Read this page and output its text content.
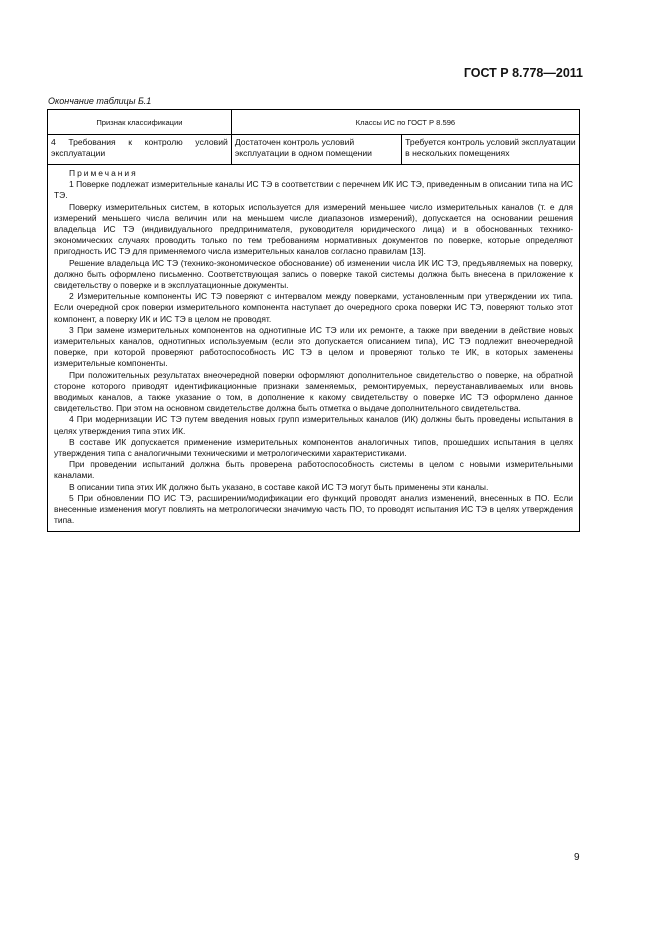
ГОСТ Р 8.778—2011
Окончание таблицы Б.1
Признак классификации	Классы ИС по ГОСТ Р 8.596	
4 Требования к контролю условий эксплуатации	Достаточен контроль условий эксплуатации в одном помещении	Требуется контроль условий эксплуатации в нескольких помещениях

Примечания

1 Поверке подлежат измерительные каналы ИС ТЭ в соответствии с перечнем ИК ИС ТЭ, приведенным в описании типа на ИС ТЭ.

Поверку измерительных систем, в которых используется для измерений меньшее число измерительных каналов (т. е для измерений меньшего числа величин или на меньшем числе диапазонов измерений), допускается на основании решения владельца ИС ТЭ (индивидуального предпринимателя, руководителя юридического лица) и в обоснованных технико-экономических случаях проводить только по тем требованиям нормативных документов по поверке, которые определяют пригодность ИС ТЭ для применяемого числа измерительных каналов согласно правилам [13].

Решение владельца ИС ТЭ (технико-экономическое обоснование) об изменении числа ИК ИС ТЭ, предъявляемых на поверку, должно быть оформлено письменно. Соответствующая запись о поверке такой системы должна быть внесена в приложение к свидетельству о поверке и в эксплуатационные документы.

2 Измерительные компоненты ИС ТЭ поверяют с интервалом между поверками, установленным при утверждении их типа. Если очередной срок поверки измерительного компонента наступает до очередного срока поверки ИС ТЭ, поверяют только этот компонент, а поверку ИК и ИС ТЭ в целом не проводят.

3 При замене измерительных компонентов на однотипные ИС ТЭ или их ремонте, а также при введении в действие новых измерительных каналов, однотипных используемым (если это допускается описанием типа), ИС ТЭ подлежит внеочередной поверке, при которой проверяют работоспособность ИС ТЭ в целом и проверяют только те ИК, в которых заменены измерительные компоненты.

При положительных результатах внеочередной поверки оформляют дополнительное свидетельство о поверке, на обратной стороне которого приводят идентификационные признаки заменяемых, ремонтируемых, переустанавливаемых или вновь вводимых каналов, а также указание о том, в дополнение к какому свидетельству о поверке ИС ТЭ оформлено данное свидетельство. При этом на основном свидетельстве должна быть отметка о выдаче дополнительного свидетельства.

4 При модернизации ИС ТЭ путем введения новых групп измерительных каналов (ИК) должны быть проведены испытания в целях утверждения типа этих ИК.

В составе ИК допускается применение измерительных компонентов аналогичных типов, прошедших испытания в целях утверждения типа с аналогичными техническими и метрологическими характеристиками.

При проведении испытаний должна быть проверена работоспособность системы в целом с новыми измерительными каналами.

В описании типа этих ИК должно быть указано, в составе какой ИС ТЭ могут быть применены эти каналы.

5 При обновлении ПО ИС ТЭ, расширении/модификации его функций проводят анализ изменений, внесенных в ПО. Если внесенные изменения могут повлиять на метрологически значимую часть ПО, то проводят испытания ИС ТЭ в целях утверждения типа.

9
